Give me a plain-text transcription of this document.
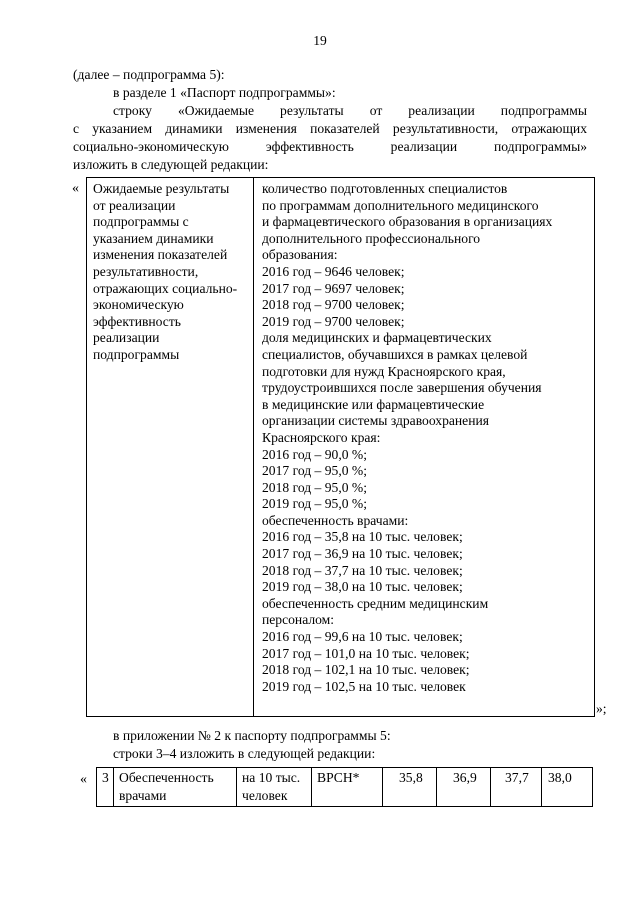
19
(далее – подпрограмма 5):
в разделе 1 «Паспорт подпрограммы»:
строку «Ожидаемые результаты от реализации подпрограммы
с указанием динамики изменения показателей результативности, отражающих
социально-экономическую эффективность реализации подпрограммы»
изложить в следующей редакции:
« Ожидаемые результаты
от реализации
подпрограммы с
указанием динамики
изменения показателей
результативности,
отражающих социально-
экономическую
эффективность
реализации
подпрограммы
количество подготовленных специалистов
по программам дополнительного медицинского
и фармацевтического образования в организациях
дополнительного профессионального
образования:
2016 год – 9646 человек;
2017 год – 9697 человек;
2018 год – 9700 человек;
2019 год – 9700 человек;
доля медицинских и фармацевтических
специалистов, обучавшихся в рамках целевой
подготовки для нужд Красноярского края,
трудоустроившихся после завершения обучения
в медицинские или фармацевтические
организации системы здравоохранения
Красноярского края:
2016 год – 90,0 %;
2017 год – 95,0 %;
2018 год – 95,0 %;
2019 год – 95,0 %;
обеспеченность врачами:
2016 год – 35,8 на 10 тыс. человек;
2017 год – 36,9 на 10 тыс. человек;
2018 год – 37,7 на 10 тыс. человек;
2019 год – 38,0 на 10 тыс. человек;
обеспеченность средним медицинским
персоналом:
2016 год – 99,6 на 10 тыс. человек;
2017 год – 101,0 на 10 тыс. человек;
2018 год – 102,1 на 10 тыс. человек;
2019 год – 102,5 на 10 тыс. человек
»;
в приложении № 2 к паспорту подпрограммы 5:
строки 3–4 изложить в следующей редакции:
« 3 Обеспеченность
врачами
на 10 тыс.
человек
ВРСН*	35,8 36,9 37,7 38,0
